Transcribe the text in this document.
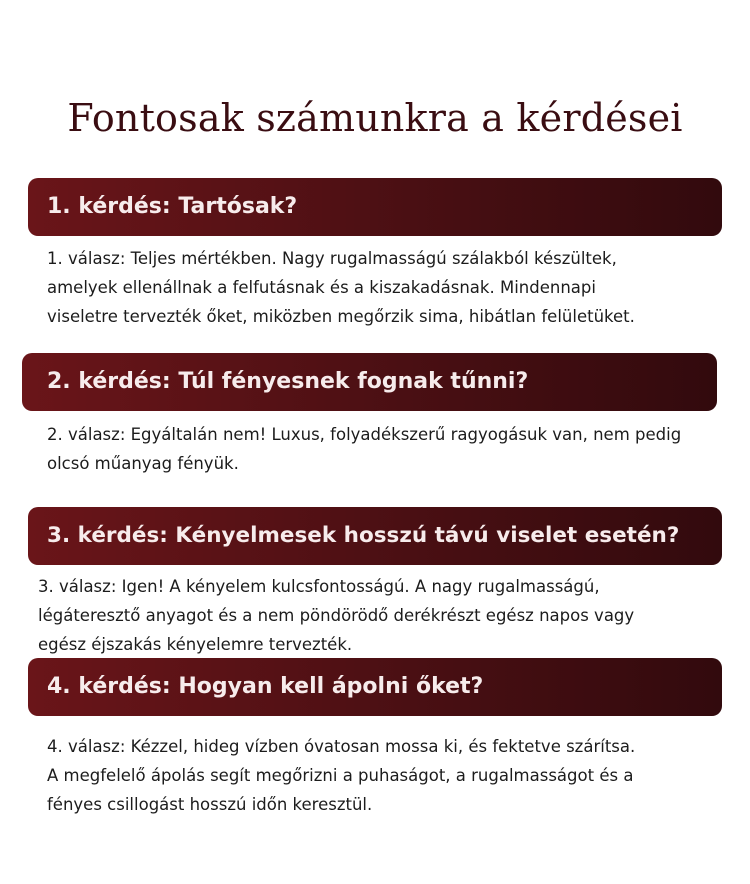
Fontosak számunkra a kérdései
1. kérdés: Tartósak?
1. válasz: Teljes mértékben. Nagy rugalmasságú szálakból készültek,
amelyek ellenállnak a felfutásnak és a kiszakadásnak. Mindennapi
viseletre tervezték őket, miközben megőrzik sima, hibátlan felületüket.
2. kérdés: Túl fényesnek fognak tűnni?
2. válasz: Egyáltalán nem! Luxus, folyadékszerű ragyogásuk van, nem pedig
olcsó műanyag fényük.
3. kérdés: Kényelmesek hosszú távú viselet esetén?
3. válasz: Igen! A kényelem kulcsfontosságú. A nagy rugalmasságú,
légáteresztő anyagot és a nem pöndörödő derékrészt egész napos vagy
egész éjszakás kényelemre tervezték.
4. kérdés: Hogyan kell ápolni őket?
4. válasz: Kézzel, hideg vízben óvatosan mossa ki, és fektetve szárítsa.
A megfelelő ápolás segít megőrizni a puhaságot, a rugalmasságot és a
fényes csillogást hosszú időn keresztül.
